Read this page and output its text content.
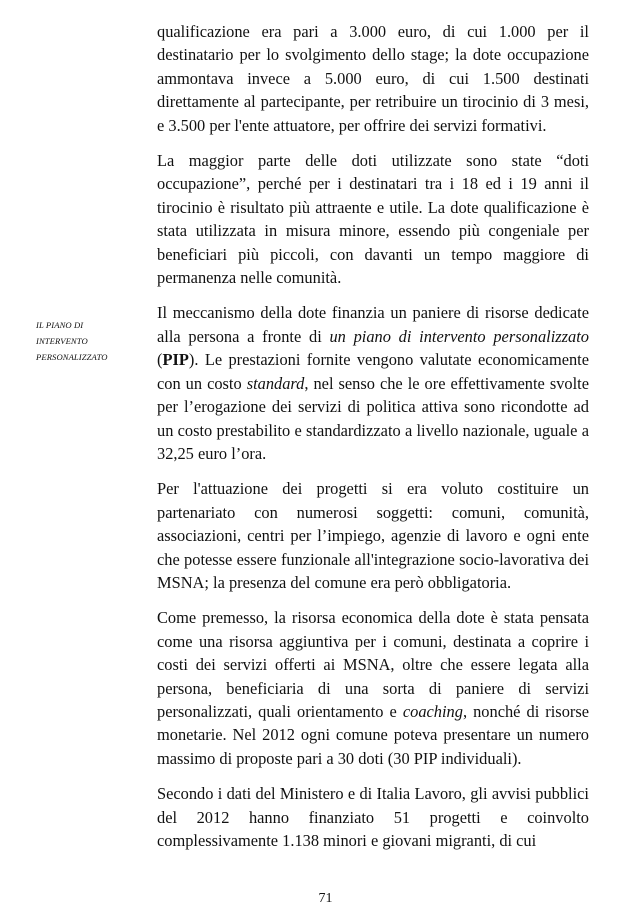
IL PIANO DI
INTERVENTO
PERSONALIZZATO

qualificazione era pari a 3.000 euro, di cui 1.000 per il destinatario per lo svolgimento dello stage; la dote occupazione ammontava invece a 5.000 euro, di cui 1.500 destinati direttamente al partecipante, per retribuire un tirocinio di 3 mesi, e 3.500 per l'ente attuatore, per offrire dei servizi formativi.

La maggior parte delle doti utilizzate sono state “doti occupazione”, perché per i destinatari tra i 18 ed i 19 anni il tirocinio è risultato più attraente e utile. La dote qualificazione è stata utilizzata in misura minore, essendo più congeniale per beneficiari più piccoli, con davanti un tempo maggiore di permanenza nelle comunità.

Il meccanismo della dote finanzia un paniere di risorse dedicate alla persona a fronte di un piano di intervento personalizzato (PIP). Le prestazioni fornite vengono valutate economicamente con un costo standard, nel senso che le ore effettivamente svolte per l’erogazione dei servizi di politica attiva sono ricondotte ad un costo prestabilito e standardizzato a livello nazionale, uguale a 32,25 euro l’ora.

Per l'attuazione dei progetti si era voluto costituire un partenariato con numerosi soggetti: comuni, comunità, associazioni, centri per l’impiego, agenzie di lavoro e ogni ente che potesse essere funzionale all'integrazione socio-lavorativa dei MSNA; la presenza del comune era però obbligatoria.

Come premesso, la risorsa economica della dote è stata pensata come una risorsa aggiuntiva per i comuni, destinata a coprire i costi dei servizi offerti ai MSNA, oltre che essere legata alla persona, beneficiaria di una sorta di paniere di servizi personalizzati, quali orientamento e coaching, nonché di risorse monetarie. Nel 2012 ogni comune poteva presentare un numero massimo di proposte pari a 30 doti (30 PIP individuali).

Secondo i dati del Ministero e di Italia Lavoro, gli avvisi pubblici del 2012 hanno finanziato 51 progetti e coinvolto complessivamente 1.138 minori e giovani migranti, di cui

71
